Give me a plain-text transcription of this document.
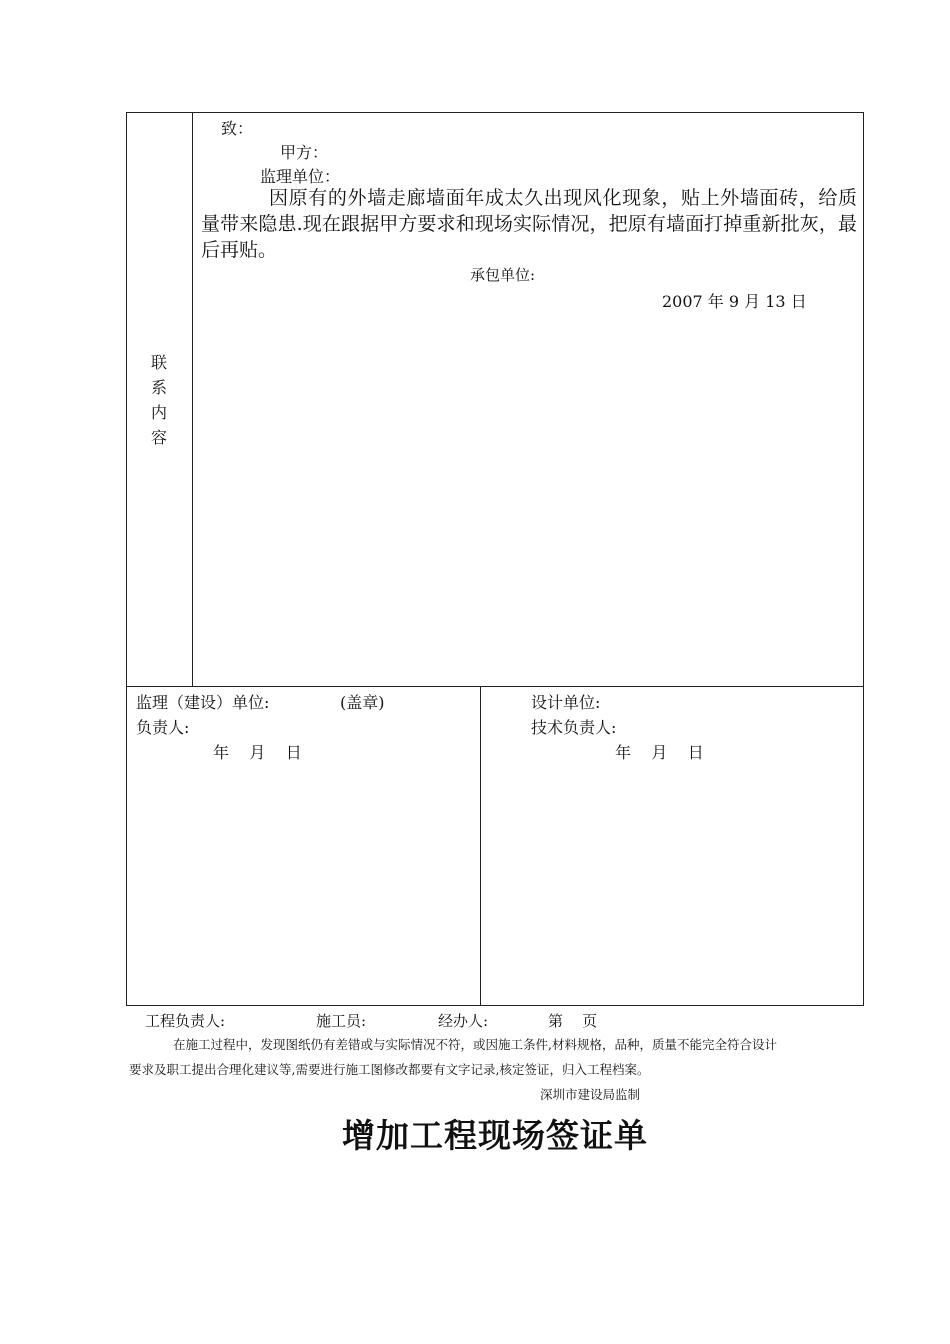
联
系
内
容
致：
甲方：
监理单位：
因原有的外墙走廊墙面年成太久出现风化现象，贴上外墙面砖，给质量带来隐患.现在跟据甲方要求和现场实际情况，把原有墙面打掉重新批灰，最后再贴。
承包单位:
2007 年 9 月 13 日
监理（建设）单位:	(盖章)
负责人:
年    月    日
设计单位:
技术负责人:
年    月    日
工程负责人:	施工员:	经办人:	第    页
在施工过程中，发现图纸仍有差错或与实际情况不符，或因施工条件,材料规格，品种，质量不能完全符合设计
要求及职工提出合理化建议等,需要进行施工图修改都要有文字记录,核定签证，归入工程档案。
深圳市建设局监制
增加工程现场签证单
